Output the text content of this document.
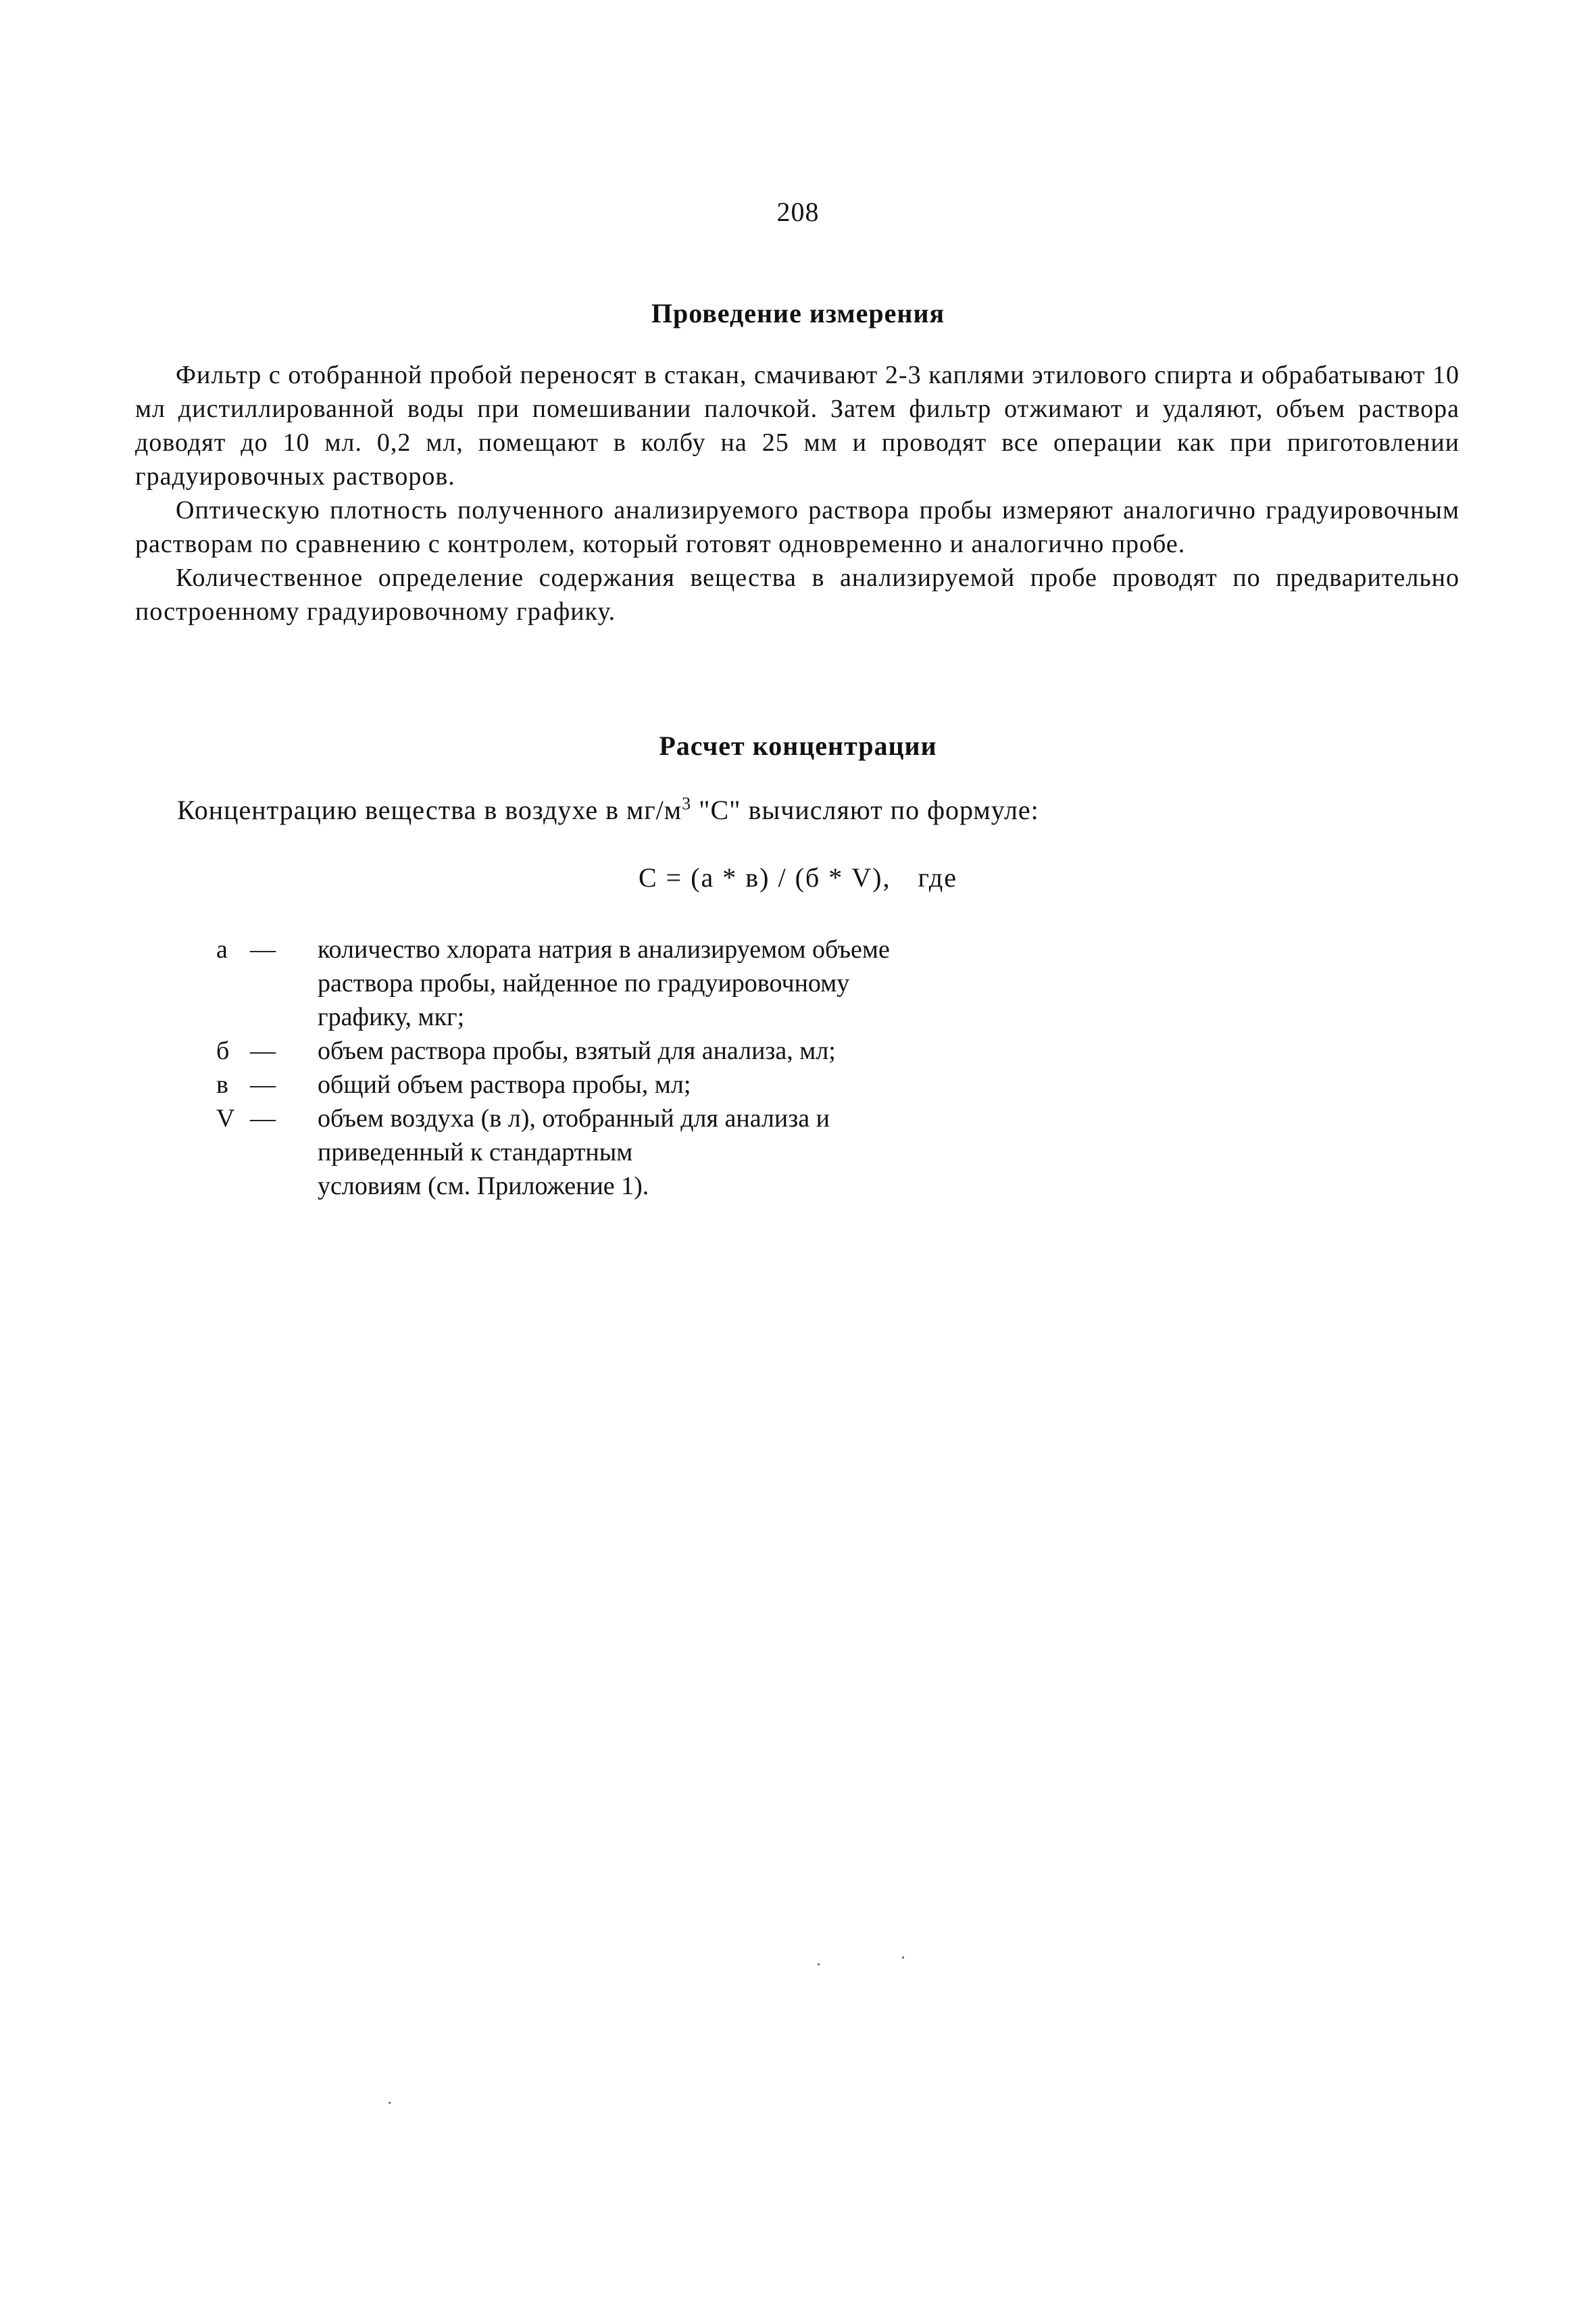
208
Проведение измерения

Фильтр с отобранной пробой переносят в стакан, смачивают 2-3 каплями этилового спирта и обрабатывают 10 мл дистиллированной воды при помешивании палочкой. Затем фильтр отжимают и удаляют, объем раствора доводят до 10 мл. 0,2 мл, помещают в колбу на 25 мм и проводят все операции как при приготовлении градуировочных растворов.

Оптическую плотность полученного анализируемого раствора пробы измеряют аналогично градуировочным растворам по сравнению с контролем, который готовят одновременно и аналогично пробе.

Количественное определение содержания вещества в анализируемой пробе проводят по предварительно построенному градуировочному графику.

Расчет концентрации
Концентрацию вещества в воздухе в $мг/м^3$ "С" вычисляют по формуле:
С = (а * в) / (б * V), где
а —	количество хлората натрия в анализируемом объеме
раствора пробы, найденное по градуировочному
графику, мкг;
б —	объем раствора пробы, взятый для анализа, мл;
в —	общий объем раствора пробы, мл;
V —	объем воздуха (в л), отобранный для анализа и
приведенный к стандартным
условиям (см. Приложение 1).
